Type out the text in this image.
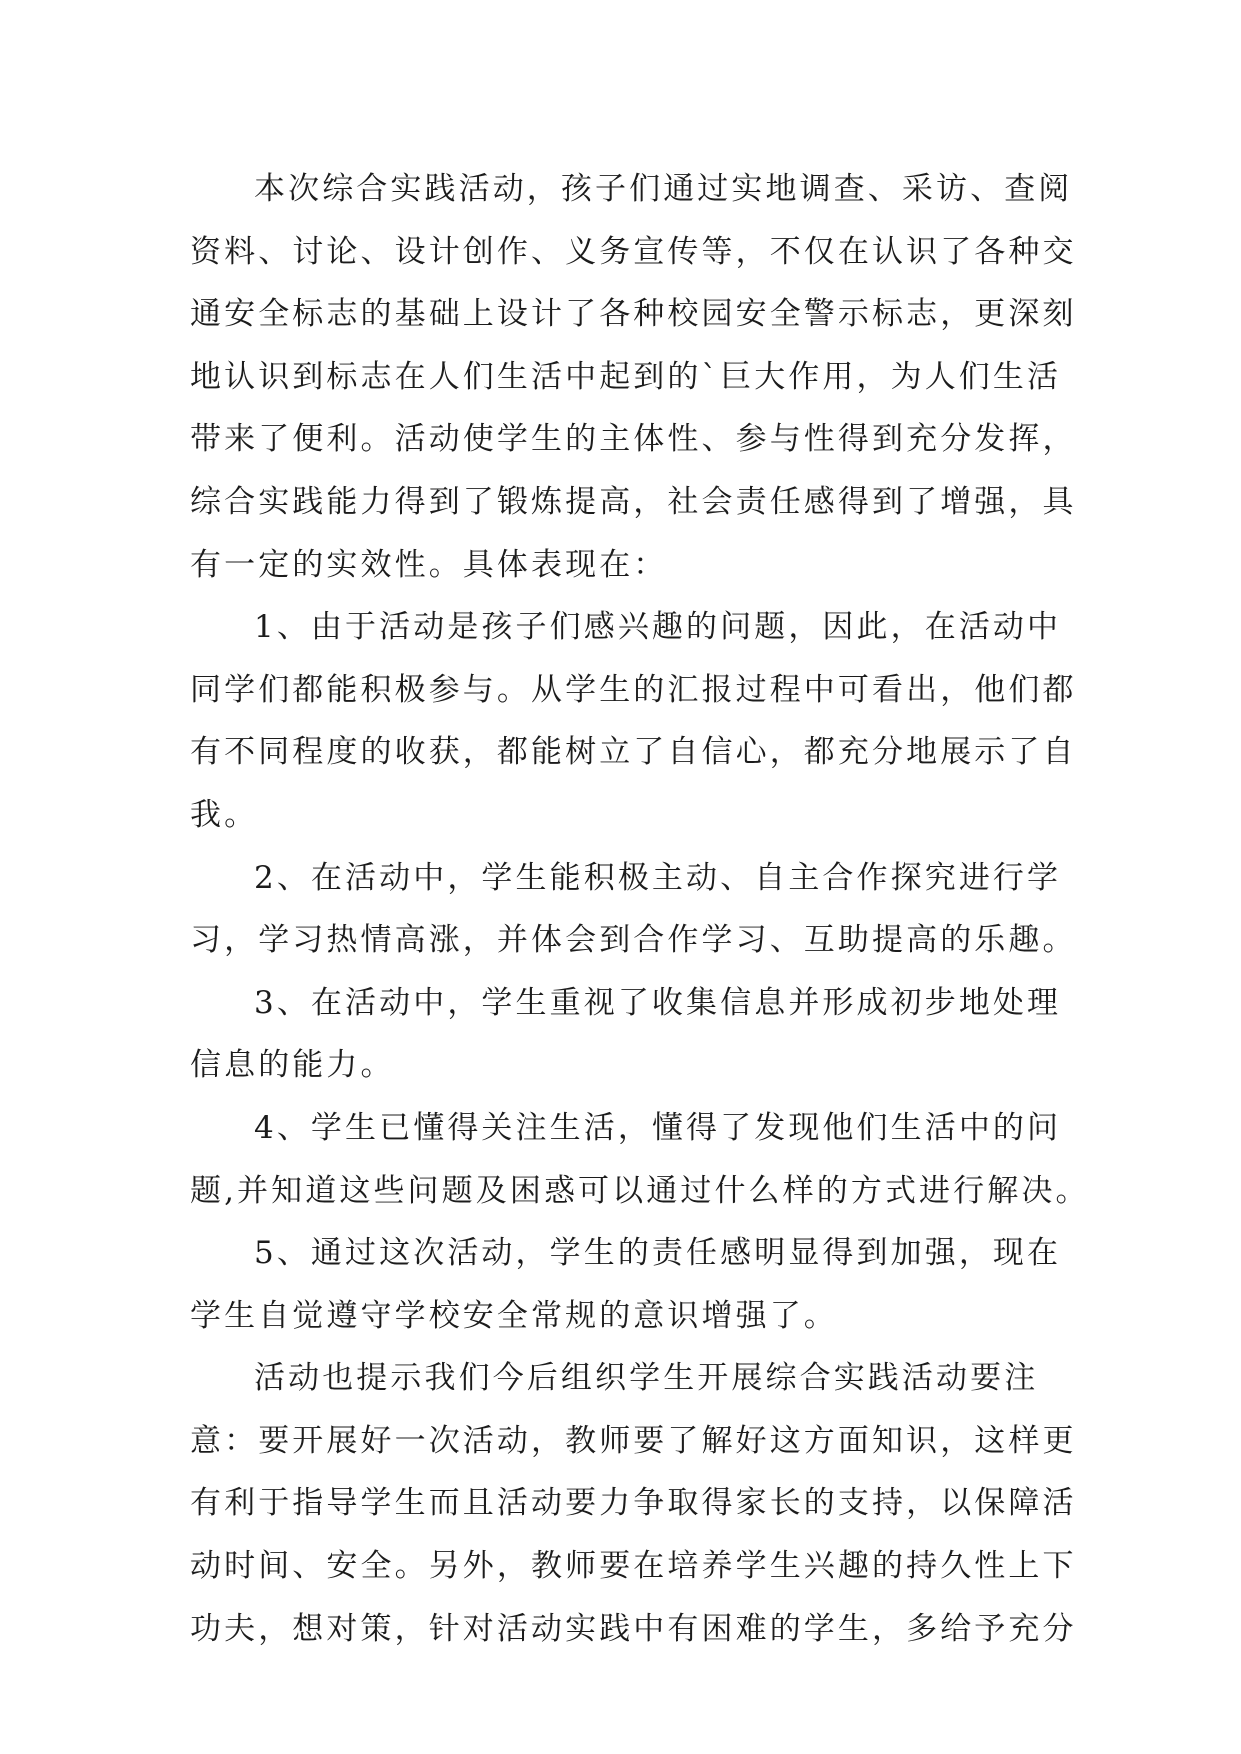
本次综合实践活动，孩子们通过实地调查、采访、查阅
资料、讨论、设计创作、义务宣传等，不仅在认识了各种交
通安全标志的基础上设计了各种校园安全警示标志，更深刻
地认识到标志在人们生活中起到的`巨大作用，为人们生活
带来了便利。活动使学生的主体性、参与性得到充分发挥，
综合实践能力得到了锻炼提高，社会责任感得到了增强，具
有一定的实效性。具体表现在：
1、由于活动是孩子们感兴趣的问题，因此，在活动中
同学们都能积极参与。从学生的汇报过程中可看出，他们都
有不同程度的收获，都能树立了自信心，都充分地展示了自
我。
2、在活动中，学生能积极主动、自主合作探究进行学
习，学习热情高涨，并体会到合作学习、互助提高的乐趣。
3、在活动中，学生重视了收集信息并形成初步地处理
信息的能力。
4、学生已懂得关注生活，懂得了发现他们生活中的问
题,并知道这些问题及困惑可以通过什么样的方式进行解决。
5、通过这次活动，学生的责任感明显得到加强，现在
学生自觉遵守学校安全常规的意识增强了。
活动也提示我们今后组织学生开展综合实践活动要注
意：要开展好一次活动，教师要了解好这方面知识，这样更
有利于指导学生而且活动要力争取得家长的支持，以保障活
动时间、安全。另外，教师要在培养学生兴趣的持久性上下
功夫，想对策，针对活动实践中有困难的学生，多给予充分
